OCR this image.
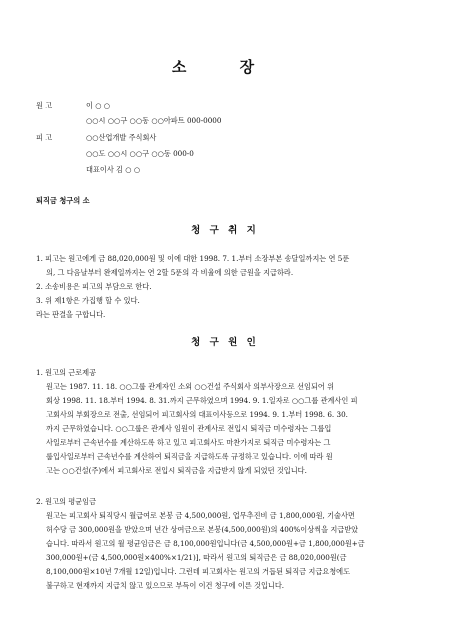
소 장
원 고	이 ○ ○
○○시 ○○구 ○○동 ○○아파트 000-0000
피 고	○○산업개발 주식회사
○○도 ○○시 ○○구 ○○동 000-0
대표이사 김 ○ ○
퇴직금 청구의 소
청 구 취 지
1. 피고는 원고에게 금 88,020,000원 및 이에 대한 1998. 7. 1.부터 소장부본 송달일까지는 연 5푼
의, 그 다음날부터 완제일까지는 연 2할 5푼의 각 비율에 의한 금원을 지급하라.
2. 소송비용은 피고의 부담으로 한다.
3. 위 제1항은 가집행 할 수 있다.
라는 판결을 구합니다.
청 구 원 인
1. 원고의 근로제공
원고는 1987. 11. 18. ○○그룹 관계자인 소외 ○○건설 주식회사 의부사장으로 선임되어 위
회상 1998. 11. 18.부터 1994. 8. 31.까지 근무하였으며 1994. 9. 1.일자로 ○○그룹 관계사인 피
고회사의 부회장으로 전출, 선임되어 피고회사의 대표이사등으로 1994. 9. 1.부터 1998. 6. 30.
까지 근무하였습니다. ○○그룹은 관계사 임원이 관계사로 전입시 퇴직금 미수령자는 그룹입
사일로부터 근속년수를 계산하도록 하고 있고 피고회사도 마찬가지로 퇴직금 미수령자는 그
룹입사일로부터 근속년수를 계산하여 퇴직금을 지급하도록 규정하고 있습니다. 이에 따라 원
고는 ○○건설(주)에서 피고회사로 전입시 퇴직금을 지급받지 않게 되었던 것입니다.
2. 원고의 평균임금
원고는 피고회사 퇴직당시 월급여로 본봉 금 4,500,000원, 업무추진비 금 1,800,000원, 기술사면
허수당 금 300,000원을 받았으며 년간 상여금으로 본봉(4,500,000원)의 400%이상씩을 지급받았
습니다. 따라서 원고의 월 평균임금은 금 8,100,000원입니다(금 4,500,000원+금 1,800,000원+금
300,000원+(금 4,500,000원×400%×1/21)], 따라서 원고의 퇴직금은 금 88,020,000원(금
8,100,000원×10년 7개월 12일)입니다. 그런데 피고회사는 원고의 거듭된 퇴직금 지급요청에도
불구하고 현재까지 지급치 않고 있으므로 부득이 이건 청구에 이른 것입니다.
